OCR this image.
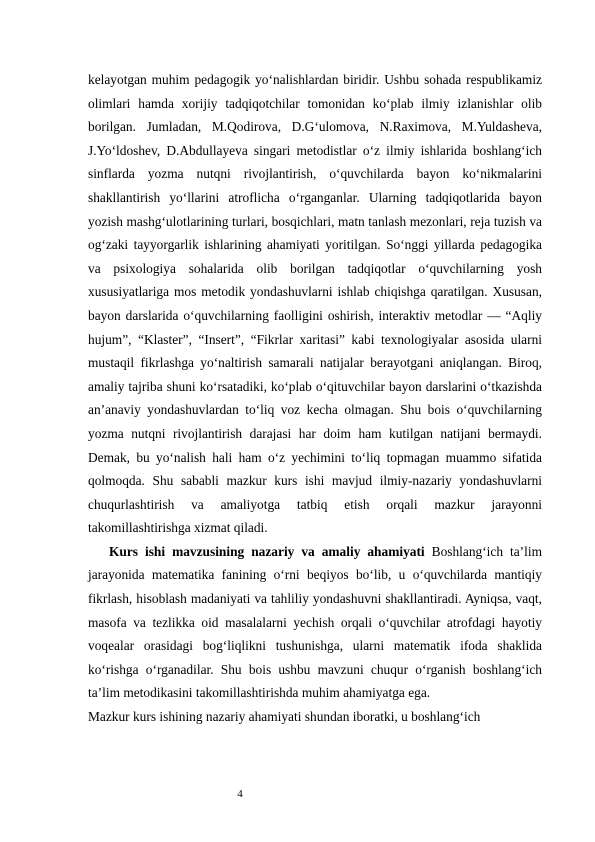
kelayotgan muhim pedagogik yo‘nalishlardan biridir. Ushbu sohada respublikamiz olimlari hamda xorijiy tadqiqotchilar tomonidan ko‘plab ilmiy izlanishlar olib borilgan. Jumladan, M.Qodirova, D.G‘ulomova, N.Raximova, M.Yuldasheva, J.Yo‘ldoshev, D.Abdullayeva singari metodistlar o‘z ilmiy ishlarida boshlang‘ich sinflarda yozma nutqni rivojlantirish, o‘quvchilarda bayon ko‘nikmalarini shakllantirish yo‘llarini atroflicha o‘rganganlar. Ularning tadqiqotlarida bayon yozish mashg‘ulotlarining turlari, bosqichlari, matn tanlash mezonlari, reja tuzish va og‘zaki tayyorgarlik ishlarining ahamiyati yoritilgan. So‘nggi yillarda pedagogika va psixologiya sohalarida olib borilgan tadqiqotlar o‘quvchilarning yosh xususiyatlariga mos metodik yondashuvlarni ishlab chiqishga qaratilgan. Xususan, bayon darslarida o‘quvchilarning faolligini oshirish, interaktiv metodlar — “Aqliy hujum”, “Klaster”, “Insert”, “Fikrlar xaritasi” kabi texnologiyalar asosida ularni mustaqil fikrlashga yo‘naltirish samarali natijalar berayotgani aniqlangan. Biroq, amaliy tajriba shuni ko‘rsatadiki, ko‘plab o‘qituvchilar bayon darslarini o‘tkazishda an’anaviy yondashuvlardan to‘liq voz kecha olmagan. Shu bois o‘quvchilarning yozma nutqni rivojlantirish darajasi har doim ham kutilgan natijani bermaydi. Demak, bu yo‘nalish hali ham o‘z yechimini to‘liq topmagan muammo sifatida qolmoqda. Shu sababli mazkur kurs ishi mavjud ilmiy-nazariy yondashuvlarni chuqurlashtirish va amaliyotga tatbiq etish orqali mazkur jarayonni takomillashtirishga xizmat qiladi.

Kurs ishi mavzusining nazariy va amaliy ahamiyati Boshlang‘ich ta’lim jarayonida matematika fanining o‘rni beqiyos bo‘lib, u o‘quvchilarda mantiqiy fikrlash, hisoblash madaniyati va tahliliy yondashuvni shakllantiradi. Ayniqsa, vaqt, masofa va tezlikka oid masalalarni yechish orqali o‘quvchilar atrofdagi hayotiy voqealar orasidagi bog‘liqlikni tushunishga, ularni matematik ifoda shaklida ko‘rishga o‘rganadilar. Shu bois ushbu mavzuni chuqur o‘rganish boshlang‘ich ta’lim metodikasini takomillashtirishda muhim ahamiyatga ega.

Mazkur kurs ishining nazariy ahamiyati shundan iboratki, u boshlang‘ich

4
